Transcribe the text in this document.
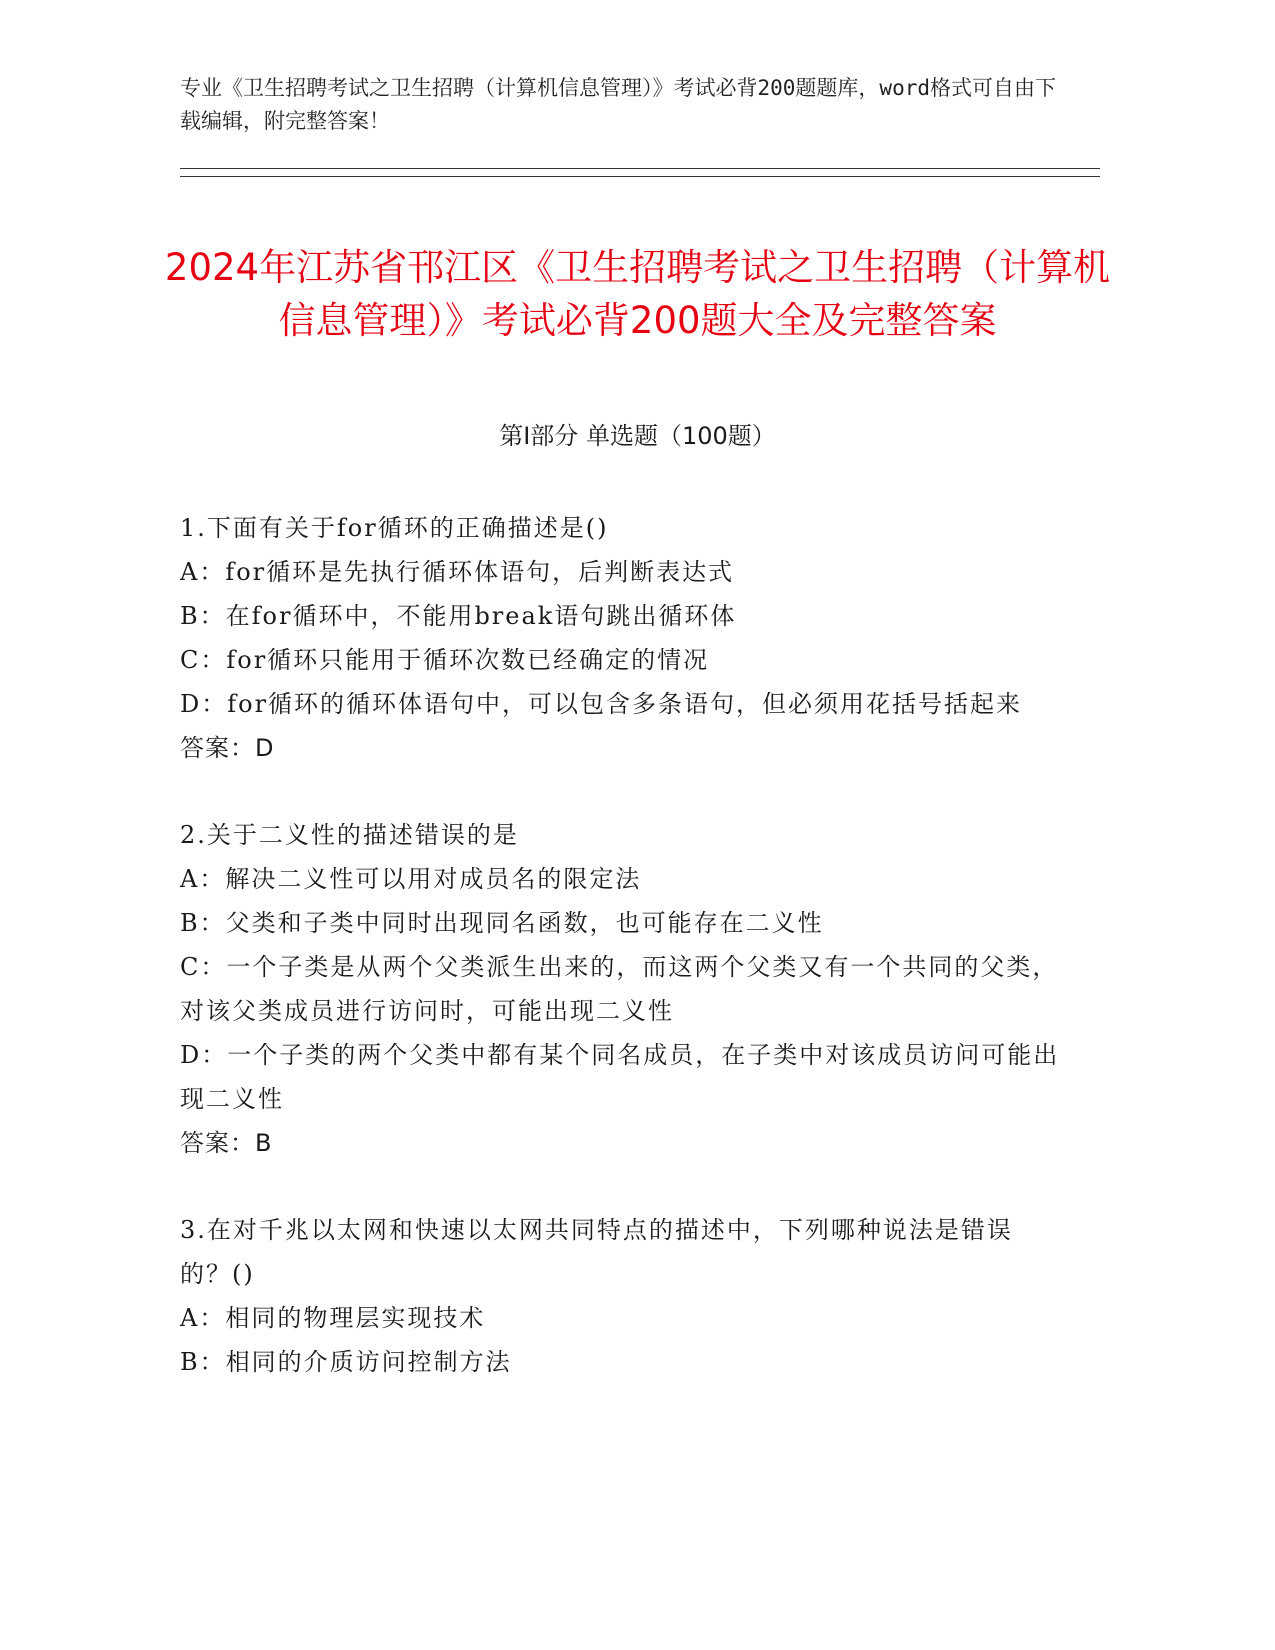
专业《卫生招聘考试之卫生招聘（计算机信息管理）》考试必背200题题库，word格式可自由下载编辑，附完整答案！
2024年江苏省邗江区《卫生招聘考试之卫生招聘（计算机信息管理）》考试必背200题大全及完整答案
第Ⅰ部分 单选题（100题）
1.下面有关于for循环的正确描述是()
A：for循环是先执行循环体语句，后判断表达式
B：在for循环中，不能用break语句跳出循环体
C：for循环只能用于循环次数已经确定的情况
D：for循环的循环体语句中，可以包含多条语句，但必须用花括号括起来
答案：D
2.关于二义性的描述错误的是
A：解决二义性可以用对成员名的限定法
B：父类和子类中同时出现同名函数，也可能存在二义性
C：一个子类是从两个父类派生出来的，而这两个父类又有一个共同的父类，对该父类成员进行访问时，可能出现二义性
D：一个子类的两个父类中都有某个同名成员，在子类中对该成员访问可能出现二义性
答案：B
3.在对千兆以太网和快速以太网共同特点的描述中，下列哪种说法是错误的？()
A：相同的物理层实现技术
B：相同的介质访问控制方法
